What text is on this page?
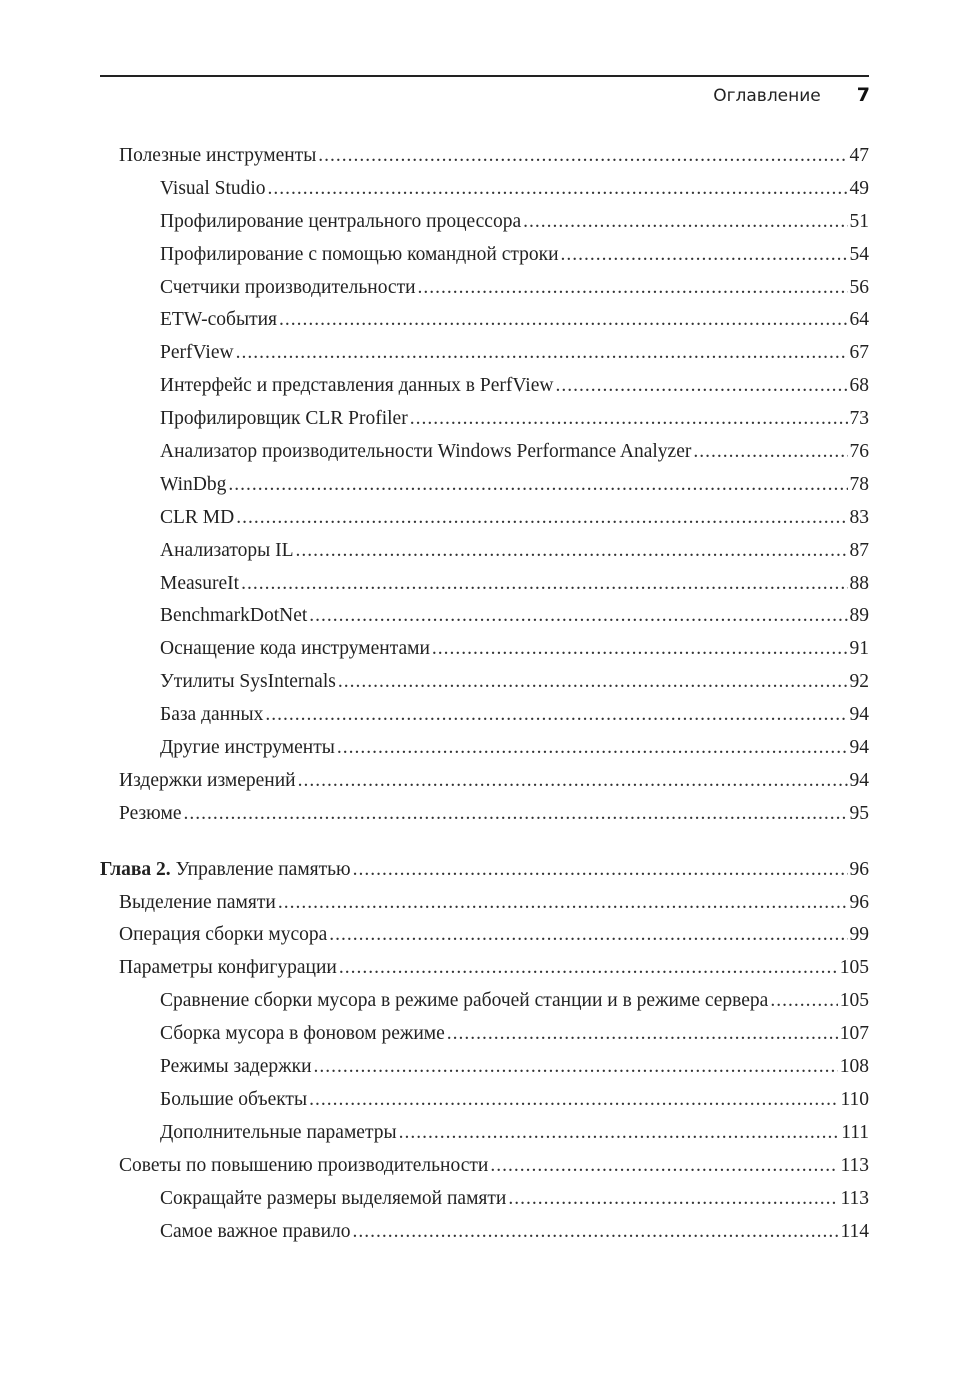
Оглавление 7
Полезные инструменты .....	47
Visual Studio .....	49
Профилирование центрального процессора .....	51
Профилирование с помощью командной строки .....	54
Счетчики производительности .....	56
ETW-события .....	64
PerfView .....	67
Интерфейс и представления данных в PerfView .....	68
Профилировщик CLR Profiler .....	73
Анализатор производительности Windows Performance Analyzer .....	76
WinDbg .....	78
CLR MD .....	83
Анализаторы IL .....	87
MeasureIt .....	88
BenchmarkDotNet .....	89
Оснащение кода инструментами .....	91
Утилиты SysInternals .....	92
База данных .....	94
Другие инструменты .....	94
Издержки измерений .....	94
Резюме .....	95
Глава 2. Управление памятью .....	96
Выделение памяти .....	96
Операция сборки мусора .....	99
Параметры конфигурации .....	105
Сравнение сборки мусора в режиме рабочей станции и в режиме сервера .....	105
Сборка мусора в фоновом режиме .....	107
Режимы задержки .....	108
Большие объекты .....	110
Дополнительные параметры .....	111
Советы по повышению производительности .....	113
Сокращайте размеры выделяемой памяти .....	113
Самое важное правило .....	114
